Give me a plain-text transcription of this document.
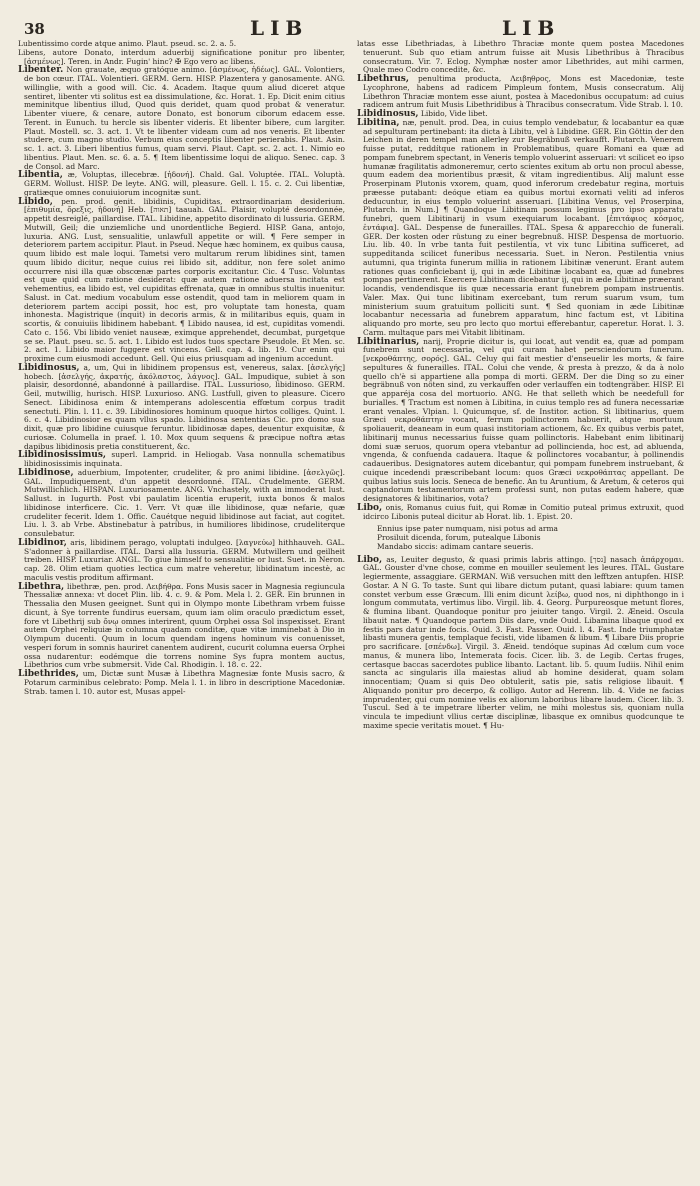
38	LIB	LIB

Lubentissimo corde atque animo. Plaut. pseud. sc. 2. a. 5.

Libens, autore Donato, interdum aduerbij significatione ponitur pro libenter, [ἀσμένως]. Teren. in Andr. Fugin' hinc? ✠ Ego vero ac libens.

Libenter. Non grauate, æquo gratóque animo. [ἀσμένως, ἡδέως]. GAL. Volontiers, de bon cœur. ITAL. Volentieri. GERM. Gern. HISP. Plazentera y ganosamente. ANG. willinglie, with a good will. Cic. 4. Academ. Itaque quum aliud diceret atque sentiret, libenter vti solitus est ea dissimulatione, &c. Horat. 1. Ep. Dicit enim citius meminitque libentius illud, Quod quis deridet, quam quod probat & veneratur. Libenter viuere, & cenare, autore Donato, est bonorum ciborum edacem esse. Terent. in Eunuch. tu hercle sis libenter videris. Et libenter bibere, cum largiter. Plaut. Mostell. sc. 3. act. 1. Vt te libenter videam cum ad nos veneris. Et libenter studere, cum magno studio. Verbum eius conceptis libenter perierabis. Plaut. Asin. sc. 1. act. 3. Liberi libentius fumus, quam servi. Plaut. Capt. sc. 2. act. 1. Nimio eo libentius. Plaut. Men. sc. 6. a. 5. ¶ Item libentissime loqui de aliquo. Senec. cap. 3 de Consol. ad Marc.

Libentia, æ, Voluptas, illecebræ. [ἡδονή]. Chald. Gal. Voluptée. ITAL. Voluptà. GERM. Wollust. HISP. De leyte. ANG. will, pleasure. Gell. l. 15. c. 2. Cui libentiæ, gratiæque omnes conuiuiorum incognitæ sunt.

Libido, pen. prod. genit. libidinis, Cupiditas, extraordinariam desiderium. [ἐπιθυμία, ὄρεξις, ἡδονή] Heb. [תאוה] taauah. GAL. Plaisir, volupté desordonnée, appetit desreiglé, paillardise. ITAL. Libidine, appetito disordinato di lussuria. GERM. Mutwill, Geil; die unziemliche und unordentliche Begierd. HISP. Gana, antojo, luxuria. ANG. Lust, sensualitie, unlawfull appetite or will. ¶ Fere semper in deteriorem partem accipitur. Plaut. in Pseud. Neque hæc hominem, ex quibus causa, quum libido est male loqui. Tametsi vero multarum rerum libidines sint, tamen quum libido dicitur, neque cuius rei libido sit, additur, non fere solet animo occurrere nisi illa quæ obscœnæ partes corporis excitantur. Cic. 4 Tusc. Voluntas est quæ quid cum ratione desiderat: quæ autem ratione aduersa incitata est vehementius, ea libido est, vel cupiditas effrenata, quæ in omnibus stultis inuenitur. Salust. in Cat. medium vocabulum esse ostendit, quod tam in meliorem quam in deteriorem partem accipi possit, hoc est, pro voluptate tam honesta, quam inhonesta. Magistrique (inquit) in decoris armis, & in militaribus equis, quam in scortis, & conuiuiis libidinem habebant. ¶ Libido nausea, id est, cupiditas vomendi. Cato c. 156. Vbi libido veniet nauseæ, eximque apprehendet, decumbat, purgetque se se. Plaut. pseu. sc. 5. act. 1. Libido est ludos tuos spectare Pseudole. Et Men. sc. 2. act. 1. Libido maior fuggere est vincens. Gell. cap. 4. lib. 19. Cur enim qui proxime cum eiusmodi accedunt. Gell. Qui eius priusquam ad ingenium accedunt.

Libidinosus, a, um, Qui in libidinem propensus est, venereus, salax. [ἀσελγής] hobech. [ἀσελγής, ἀκρατής, ἀκόλαστος, λάγνος]. GAL. Impudique, subiet à son plaisir, desordonné, abandonné à paillardise. ITAL. Lussurioso, libidinoso. GERM. Geil, mutwillig, hurisch. HISP. Luxurioso. ANG. Lustfull, given to pleasure. Cicero Senect. Libidinosa enim & intemperans adolescentia effœtum corpus tradit senectuti. Plin. l. 11. c. 39. Libidinosiores hominum quoque hirtos colliges. Quint. l. 6. c. 4. Libidinosior es quam vllus spado. Libidinosa sententias Cic. pro domo sua dixit, quæ pro libidine cuiusque feruntur. libidinosæ dapes, deuentur exquisitæ, & curiosæ. Columella in praef. l. 10. Mox quum sequens & præcipue noftra ætas dapibus libidinosis pretia constituerent, &c.

Libidinosissimus, superl. Lamprid. in Heliogab. Vasa nonnulla schematibus libidinosissimis inquinata.

Libidinose, aduerbium, Impotenter, crudeliter, & pro animi libidine. [ἀσελγῶς]. GAL. Impudiquement, d'un appetit desordonné. ITAL. Crudelmente. GERM. Mutwillichlich. HISPAN. Luxuriosamente. ANG. Vnchastely, with an immoderat lust. Sallust. in Iugurth. Post vbi paulatim licentia eruperit, iuxta bonos & malos libidinose interficere. Cic. 1. Verr. Vt quæ ille libidinose, quæ nefarie, quæ crudeliter fecerit. Idem 1. Offic. Cauétque neguid libidinose aut faciat, aut cogitet. Liu. l. 3. ab Vrbe. Abstinebatur à patribus, in humiliores libidinose, crudeliterque consulebatur.

Libidinor, aris, libidinem perago, voluptati indulgeo. [λαγνεύω] hithhauveh. GAL. S'adonner à paillardise. ITAL. Darsi alla lussuria. GERM. Mutwillern und geilheit treiben. HISP. Luxuriar. ANGL. To giue himself to sensualitie or lust. Suet. in Neron. cap. 28. Olim etiam quoties lectica cum matre veheretur, libidinatum incestè, ac maculis vestis proditum affirmant.

Libethra, libethræ, pen. prod. Λειβήθρα. Fons Musis sacer in Magnesia regiuncula Thessaliæ annexa: vt docet Plin. lib. 4. c. 9. & Pom. Mela l. 2. GER. Ein brunnen in Thessalia den Musen geeignet. Sunt qui in Olympo monte Libethram vrbem fuisse dicunt, à Sye torrente fundirus euersam, quum iam olim oraculo prædictum esset, fore vt Libethrij sub ὄνῳ omnes interirent, quum Orphei ossa Sol inspexisset. Erant autem Orphei reliquiæ in columna quadam conditæ, quæ vitæ imminebat à Dio in Olympum ducenti. Quum in locum quendam ingens hominum vis conuenisset, vesperi forum in somnis hauriret canentem audirent, cucurit columna euersa Orphei ossa nudarentur: eodémque die torrens nomine Sys fupra montem auctus, Libethrios cum vrbe submersit. Vide Cal. Rhodigin. l. 18. c. 22.

Libethrides, um, Dictæ sunt Musæ à Libethra Magnesiæ fonte Musis sacro, & Potarum carminibus celebrato: Pomp. Mela l. 1. in libro in descriptione Macedoniæ. Strab. tamen l. 10. autor est, Musas appel-

latas esse Libethriadas, à Libethro Thraciæ monte quem postea Macedones tenuerunt. Sub quo etiam antrum fuisse ait Musis Libethribus à Thracibus consecratum. Vir. 7. Eclog. Nymphæ noster amor Libethrides, aut mihi carmen, Quale meo Codro concedite, &c.

Libethrus, penultima producta, Λειβηθρος, Mons est Macedoniæ, teste Lycophrone, habens ad radicem Pimpleum fontem, Musis consecratum. Alij Libethron Thraciæ montem esse aiunt, postea à Macedonibus occupatum: ad cuius radicem antrum fuit Musis Libethridibus à Thracibus consecratum. Vide Strab. l. 10.

Libidinosus, Libido, Vide libet.

Libitina, næ, penult. prod. Dea, in cuius templo vendebatur, & locabantur ea quæ ad sepulturam pertinebant: ita dicta à Libitu, vel à Libidine. GER. Ein Göttin der den Leichen in deren tempel man allerley zur Begräbnuß verkaufft. Plutarch. Venerem fuisse putat, reddítque rationem in Problematibus, quare Romani ea quæ ad pompam funebrem spectant, in Veneris templo voluerint asseruari: vt scilicet eo ipso humanæ fragilitatis admoneremur, certo scientes exitum ab ortu non procul abesse, quum eadem dea morientibus præsit, & vitam ingredientibus. Alij malunt esse Proserpinam Plutonis vxorem, quam, quod inferorum credebatur regina, mortuis præesse putabant: deóque etiam ea quibus mortui exornati veliti ad inferos deducuntur, in eius templo voluerint asseruari. [Libitina Venus, vel Proserpina, Plutarch. in Num.] ¶ Quandoque Libitinam possum legimus pro ipso apparatu funebri, quem Libitinarij in vsum exequiarum locabant. [ἐπιτάφιος κόσμος, ἐντάφια]. GAL. Despense de funerailles. ITAL. Spesa & apparecchio de funerali. GER. Der kosten oder rüstung zu einer begrebnuß. HISP. Despensa de mortuorio. Liu. lib. 40. In vrbe tanta fuit pestilentia, vt vix tunc Libitina sufficeret, ad suppeditanda scilicet funeribus necessaria. Suet. in Neron. Pestilentia vnius autumni, qua triginta funerum millia in rationem Libitinæ venerunt. Erant autem rationes quas conficiebant ij, qui in æde Libitinæ locabant ea, quæ ad funebres pompas pertinerent. Exercere Libitinam dicebantur ij, qui in æde Libitinæ præerant locandis, vendendisque iis quæ necessaria erant funebrem pompam instruentis. Valer. Max. Qui tunc libitinam exercebant, tum rerum suarum vsum, tum ministerium suum gratuitum polliciti sunt. ¶ Sed quoniam in æde Libitinæ locabantur necessaria ad funebrem apparatum, hinc factum est, vt Libitina aliquando pro morte, seu pro lecto quo mortui efferebantur, caperetur. Horat. l. 3. Carm. multaque pars mei Vitabit libitinam.

Libitinarius, narij, Proprie dicitur is, qui locat, aut vendit ea, quæ ad pompam funebrem sunt necessaria, vel qui curam habet persciendorum funerum. [νεκροθάπτης, σορός]. GAL. Celuy qui fait mestier d'enseuelir les morts, & faire sepultures & funerailles. ITAL. Colui che vende, & presta à prezzo, & da à nolo quello ch'è si appartiene alla pompa di morti. GERM. Der die Ding so zu einer begräbnuß von nöten sind, zu verkauffen oder verlauffen ein todtengräber. HISP. El que apparéja cosa del mortuorio. ANG. He that selleth which be needefull for burialles. ¶ Tractum est nomen à Libitina, in cuius templo res ad funera necessariæ erant venales. Vlpian. l. Quicumque, sf. de Institor. action. Si libitinarius, quem Græci νεκροθάπτην vocant, ferrum pollinctorem habuerit, atque mortuum spoliauerit, deaneam in eum quasi institoriam actionem, &c. Ex quibus verbis patet, libitinarij munus necessarius fuisse quam pollinctoris. Habebant enim libitinarij domi suæ seruos, quorum opera vtebantur ad pollincienda, hoc est, ad abluenda, vngenda, & confuenda cadauera. Itaque & pollinctores vocabantur, à pollinendis cadaueribus. Designatores autem dicebantur, qui pompam funebrem instruebant, & cuique incedendi præscribebant locum: quos Græci νεκροθάπτας appellant. De quibus latius suis locis. Seneca de benefic. An tu Aruntium, & Aretum, & ceteros qui captandorum testamentorum artem professi sunt, non putas eadem habere, quæ designatores & libitinarios, vota?

Libo, onis, Romanus cuius fuit, qui Romæ in Comitio puteal primus extruxit, quod idcirco Libonis puteal dicitur ab Horat. lib. 1. Epist. 20.

Ennius ipse pater numquam, nisi potus ad arma
Prosiluit dicenda, forum, putealque Libonis
Mandabo siccis: adimam cantare seueris.

Libo, as, Leuiter degusto, & quasi primis labris attingo. [נסך] nasach ἀπάρχομαι. GAL. Gouster d'vne chose, comme en mouiller seulement les leures. ITAL. Gustare legiermente, assaggiare. GERMAN. Wiß versuchen mitt den lefftzen antupfen. HISP. Gostar. A N G. To taste. Sunt qui libare dictum putant, quasi labiare: quum tamen constet verbum esse Græcum. Illi enim dicunt λείβω, quod nos, ni diphthongo in i longum commutata, vertimus libo. Virgil. lib. 4. Georg. Purpureosque metunt flores, & flumina libant. Quandoque ponitur pro jeiuiter tango. Virgil. 2. Æneid. Oscula libauit natæ. ¶ Quandoque partem Diis dare, vnde Ouid. Libamina libaque quod ex festis pars datur inde focis. Ouid. 3. Fast. Passer. Ouid. l. 4. Fast. Inde triumphatæ libasti munera gentis, templaque fecisti, vide libamen & libum. ¶ Libare Diis proprie pro sacrificare. [σπένδω]. Virgil. 3. Æneid. tendóque supinas Ad cœlum cum voce manus, & munera libo, Intemerata focis. Cicer. lib. 3. de Legib. Certas fruges, certasque baccas sacerdotes publice libanto. Lactant. lib. 5. quum Iudiis. Nihil enim sancta ac singularis illa maiestas aliud ab homine desiderat, quam solam innocentiam; Quam si quis Deo obtulerit, satis pie, satis religiose libauit. ¶ Aliquando ponitur pro decerpo, & colligo. Autor ad Herenn. lib. 4. Vide ne facias imprudenter, qui cum nomine velis ex aliorum laboribus libare laudem. Cicer. lib. 3. Tuscul. Sed à te impetrare liberter velim, ne mihi molestus sis, quoniam nulla vincula te impediunt vllius certæ disciplinæ, libasque ex omnibus quodcunque te maxime specie veritatis mouet. ¶ Hu-
